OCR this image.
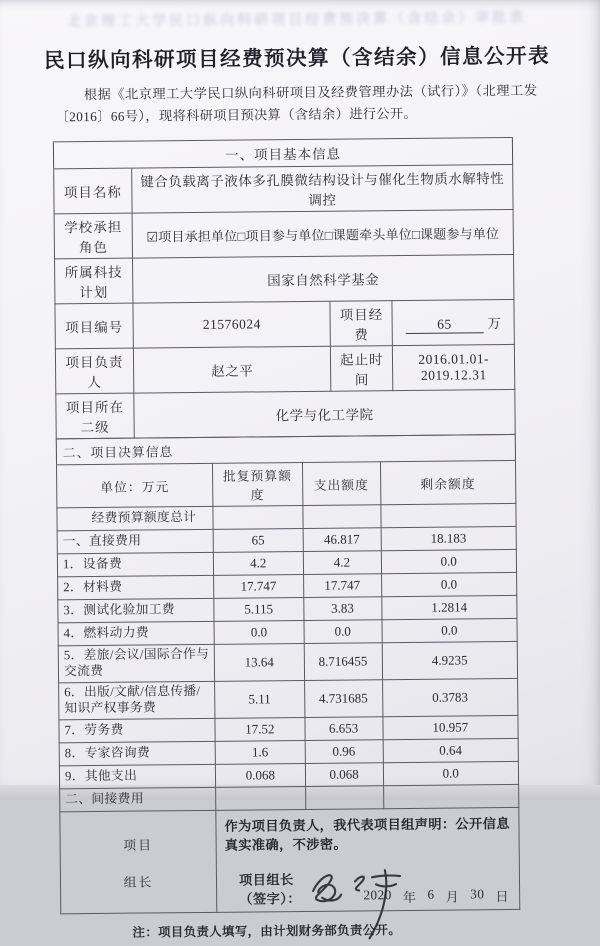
北京理工大学民口纵向科研项目经费预决算（含结余）审批表
民口纵向科研项目经费预决算（含结余）信息公开表
根据《北京理工大学民口纵向科研项目及经费管理办法（试行）》（北理工发〔2016〕66号），现将科研项目预决算（含结余）进行公开。
一、项目基本信息			
项目名称	键合负载离子液体多孔膜微结构设计与催化生物质水解特性调控		
学校承担角色	☑项目承担单位□项目参与单位□课题牵头单位□课题参与单位		
所属科技计划	国家自然科学基金		
项目编号	21576024	项目经费	65 万
项目负责人	赵之平	起止时间	2016.01.01-2019.12.31
项目所在二级	化学与化工学院		
二、项目决算信息			
单位：万元	批复预算额度	支出额度	剩余额度
经费预算额度总计			
一、直接费用	65	46.817	18.183
1．设备费	4.2	4.2	0.0
2．材料费	17.747	17.747	0.0
3．测试化验加工费	5.115	3.83	1.2814
4．燃料动力费	0.0	0.0	0.0
5．差旅/会议/国际合作与交流费	13.64	8.716455	4.9235
6．出版/文献/信息传播/知识产权事务费	5.11	4.731685	0.3783
7．劳务费	17.52	6.653	10.957
8．专家咨询费	1.6	0.96	0.64
9．其他支出	0.068	0.068	0.0
二、间接费用			

项目
组长

作为项目负责人，我代表项目组声明：公开信息真实准确，不涉密。
项目组长（签字）：	2020 年 6 月 30 日
注：项目负责人填写，由计划财务部负责公开。
